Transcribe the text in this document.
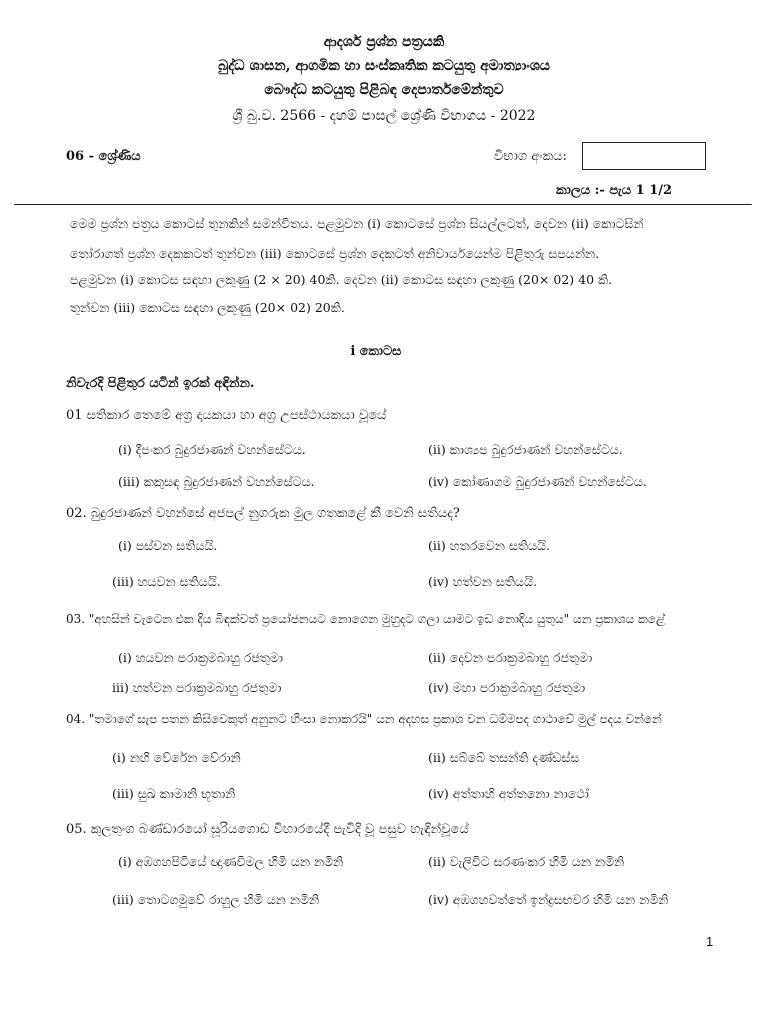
ආදර්ශ ප්‍රශ්න පත්‍රයකි
බුද්ධ ශාසන, ආගමික හා සංස්කෘතික කටයුතු අමාත්‍යාංශය
බෞද්ධ කටයුතු පිළිබඳ දෙපාර්තමේන්තුව
ශ්‍රී බු.ව. 2566 - දහම් පාසල් ශ්‍රේණි විභාගය - 2022
06 - ශ්‍රේණිය	විභාග අංකය:
කාලය :- පැය 1 1/2
මෙම ප්‍රශ්න පත්‍රය කොටස් තුනකින් සමන්විතය. පළමුවන (i) කොටසේ ප්‍රශ්න සියල්ලටත්, දෙවන (ii) කොටසින්
තෝරාගත් ප්‍රශ්න දෙකකටත් තුන්වන (iii) කොටසේ ප්‍රශ්න දෙකටත් අනිවාර්යයෙන්ම පිළිතුරු සපයන්න.
පළමුවන (i) කොටස සඳහා ලකුණු (2 × 20) 40කි. දෙවන (ii) කොටස සඳහා ලකුණු (20× 02) 40 කි.
තුන්වන (iii) කොටස සඳහා ලකුණු (20× 02) 20කි.
i කොටස
නිවැරදි පිළිතුර යටින් ඉරක් අඳින්න.
01 සතිකාර තෙමේ අග්‍ර දායකයා හා අග්‍ර උපස්ථායකයා වූයේ
(i) දීපංකර බුදුරජාණන් වහන්සේටය.	(ii) කාශ්‍යප බුදුරජාණන් වහන්සේටය.
(iii) කකුසඳ බුදුරජාණන් වහන්සේටය.	(iv) කෝණාගම බුදුරජාණන් වහන්සේටය.
02. බුදුරජාණන් වහන්සේ අජපල් නුගරුක මුල ගතකළේ කී වෙනි සතියද?
(i) පස්වන සතියයි.	(ii) හතරවෙන සතියයි.
(iii) හයවන සතියයි.	(iv) හත්වන සතියයි.
03. "අහසින් වැටෙන එක දිය බිඳක්වත් ප්‍රයෝජනයට නොගෙන මුහුදට ගලා යාමට ඉඩ නොදිය යුතුය" යන ප්‍රකාශය කළේ
(i) හයවන පරාක්‍රමබාහු රජතුමා	(ii) දෙවන පරාක්‍රමබාහු රජතුමා
iii) හත්වන පරාක්‍රමබාහු රජතුමා	(iv) මහා පරාක්‍රමබාහු රජතුමා
04. "තමාගේ සැප පතන කිසිවෙකුත් අනුනට හිංසා නොකරයි" යන අදහස ප්‍රකාශ වන ධම්මපද ගාථාවේ මුල් පදය වන්නේ
(i) නහි වේරේන වේරානි	(ii) සබ්බේ තසන්ති දණ්ඩස්ස
(iii) සුඛ කාමානි භූතානි	(iv) අත්තාහි අත්තනො නාථෝ
05. කුලතුංග බණ්ඩාරයෝ සූරියගොඩ විහාරයේදී පැවිදි වූ පසුව හැඳින්වූයේ
(i) අඹගහපිටියේ ඥාණවිමල හිමි යන නමිනි	(ii) වැලිවිට සරණංකර හිමි යන නමිනි
(iii) තොටගමුවේ රාහුල හිමි යන නමිනි	(iv) අඹගහවත්තේ ඉන්ද්‍රසභවර හිමි යන නමිනි
1
